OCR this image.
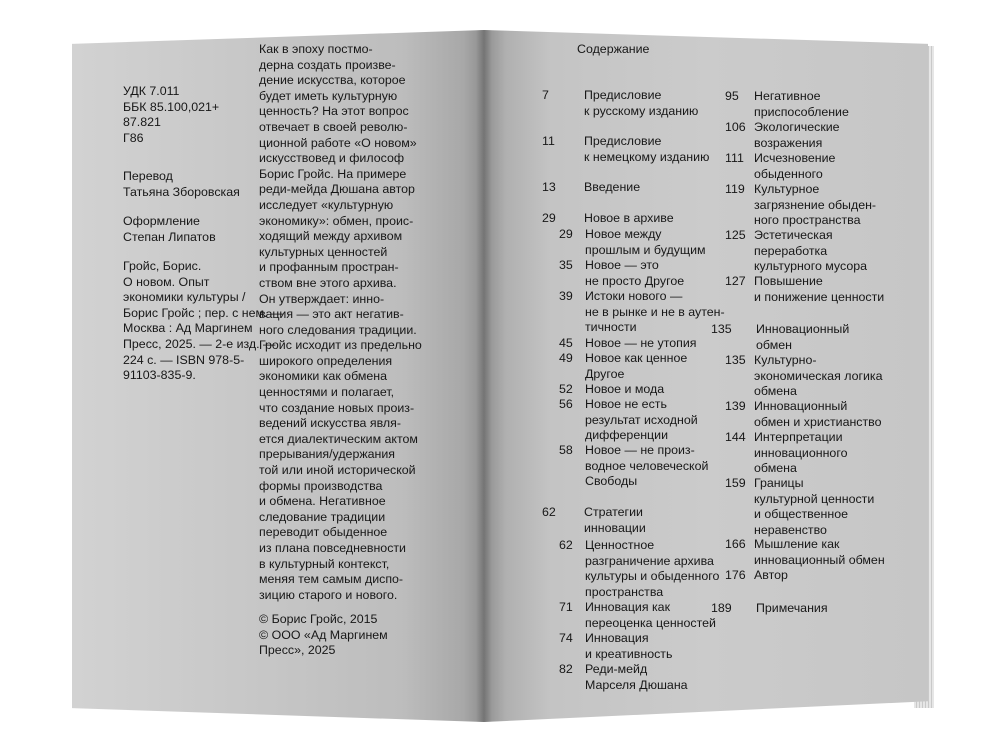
УДК 7.011
ББК 85.100,021+
87.821
Г86
Перевод
Татьяна Зборовская
Оформление
Степан Липатов
Гройс, Борис.
О новом. Опыт
экономики культуры /
Борис Гройс ; пер. с
Москва : Ад Маргинем
Пресс, 2025. — 2-е
224 с. — ISBN 978-5-
91103-835-9.
Как в эпоху постмо-
дерна создать произве-
дение искусства, которое
будет иметь культурную
ценность? На этот вопрос
отвечает в своей револю-
ционной работе «О новом»
искусствовед и философ
Борис Гройс. На примере
реди-мейда Дюшана автор
исследует «культурную
экономику»: обмен, проис-
ходящий между архивом
культурных ценностей
и профанным простран-
ством вне этого архива.
Он утверждает: инно-
вация — это акт негатив-
ного следования традиции.
Гройс исходит из предельно
широкого определения
экономики как обмена
ценностями и полагает,
что создание новых произ-
ведений искусства явля-
ется диалектическим актом
прерывания/удержания
той или иной исторической
формы производства
и обмена. Негативное
следование традиции
переводит обыденное
из плана повседневности
в культурный контекст,
меняя тем самым диспо-
зицию старого и нового.
© Борис Гройс, 2015
© ООО «Ад Маргинем
Пресс», 2025
Содержание
7	Предисловие
к русскому изданию
11 Предисловие
к немецкому изданию
13 Введение
29 Новое в архиве
29 Новое между
прошлым и будущим
35 Новое — это
не просто Другое
39 Истоки нового —
не в рынке и не в аутен-
тичности
45 Новое — не утопия
49 Новое как ценное
Другое
52 Новое и мода
56 Новое не есть
результат исходной
дифференции
58 Новое — не произ-
водное человеческой
Свободы
62 Стратегии
инновации
62 Ценностное
разграничение архива
культуры и обыденного
пространства
71 Инновация как
переоценка ценностей
74 Инновация
и креативность
82 Реди-мейд
Марселя Дюшана
95 Негативное
приспособление
106 Экологические
возражения
111 Исчезновение
обыденного
119 Культурное
загрязнение обыден-
ного пространства
125 Эстетическая
переработка
культурного мусора
127 Повышение
и понижение ценности
135 Инновационный
обмен
135 Культурно-
экономическая логика
обмена
139 Инновационный
обмен и христианство
144 Интерпретации
инновационного
обмена
159 Границы
культурной ценности
и общественное
неравенство
166 Мышление как
инновационный обмен
176 Автор
189 Примечания
